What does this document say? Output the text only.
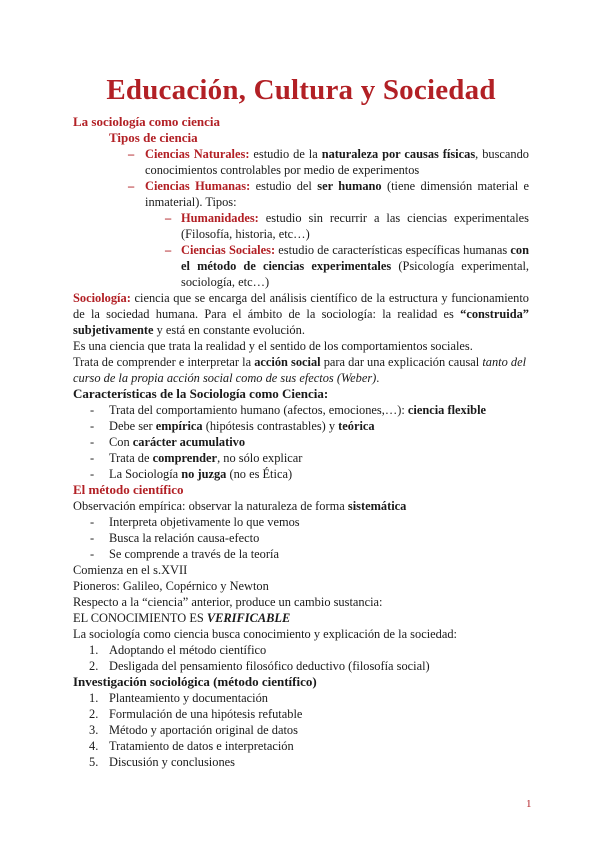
Educación, Cultura y Sociedad

La sociología como ciencia

Tipos de ciencia

– Ciencias Naturales: estudio de la naturaleza por causas físicas, buscando conocimientos controlables por medio de experimentos

– Ciencias Humanas: estudio del ser humano (tiene dimensión material e inmaterial). Tipos:

– Humanidades: estudio sin recurrir a las ciencias experimentales (Filosofía, historia, etc…)

– Ciencias Sociales: estudio de características específicas humanas con el método de ciencias experimentales (Psicología experimental, sociología, etc…)

Sociología: ciencia que se encarga del análisis científico de la estructura y funcionamiento de la sociedad humana. Para el ámbito de la sociología: la realidad es “construida” subjetivamente y está en constante evolución.

Es una ciencia que trata la realidad y el sentido de los comportamientos sociales.

Trata de comprender e interpretar la acción social para dar una explicación causal tanto del curso de la propia acción social como de sus efectos (Weber).

Características de la Sociología como Ciencia:

- Trata del comportamiento humano (afectos, emociones,…): ciencia flexible

- Debe ser empírica (hipótesis contrastables) y teórica

- Con carácter acumulativo

- Trata de comprender, no sólo explicar

- La Sociología no juzga (no es Ética)

El método científico

Observación empírica: observar la naturaleza de forma sistemática

- Interpreta objetivamente lo que vemos

- Busca la relación causa-efecto

- Se comprende a través de la teoría

Comienza en el s.XVII

Pioneros: Galileo, Copérnico y Newton

Respecto a la “ciencia” anterior, produce un cambio sustancia:

EL CONOCIMIENTO ES VERIFICABLE

La sociología como ciencia busca conocimiento y explicación de la sociedad:

1. Adoptando el método científico

2. Desligada del pensamiento filosófico deductivo (filosofía social)

Investigación sociológica (método científico)

1. Planteamiento y documentación

2. Formulación de una hipótesis refutable

3. Método y aportación original de datos

4. Tratamiento de datos e interpretación

5. Discusión y conclusiones

1
